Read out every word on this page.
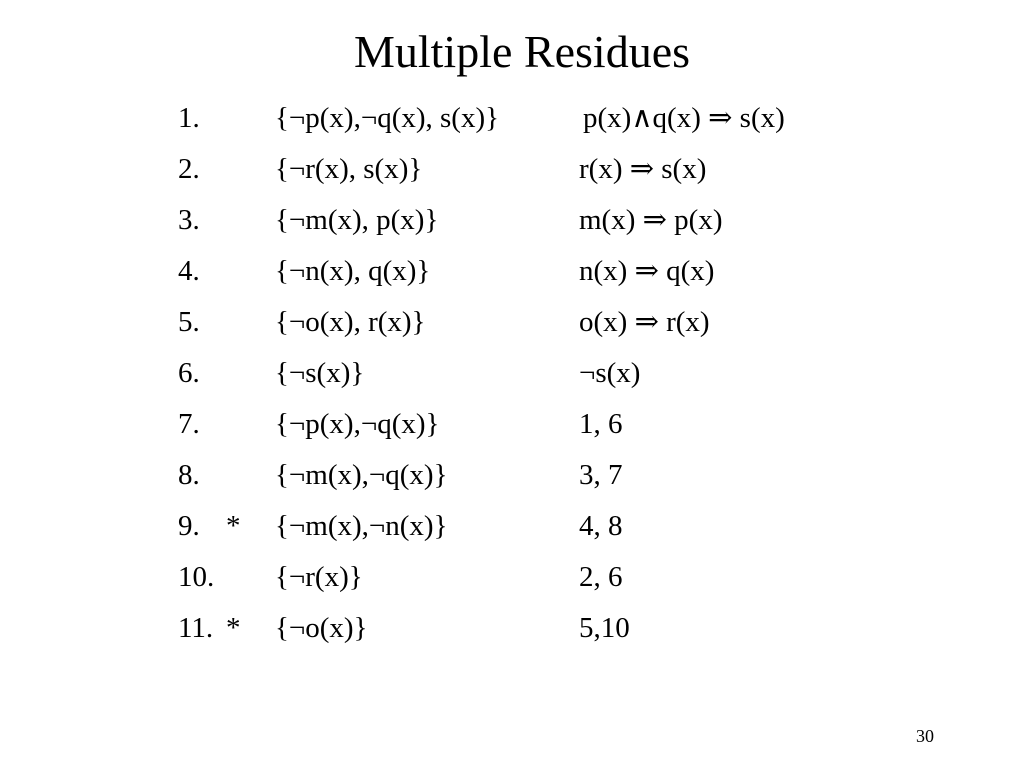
Multiple Residues
1.	{¬p(x),¬q(x), s(x)}	p(x)∧q(x) ⇒ s(x)
2.	{¬r(x), s(x)}	r(x) ⇒ s(x)
3.	{¬m(x), p(x)}	m(x) ⇒ p(x)
4.	{¬n(x), q(x)}	n(x) ⇒ q(x)
5.	{¬o(x), r(x)}	o(x) ⇒ r(x)
6.	{¬s(x)}	¬s(x)
7.	{¬p(x),¬q(x)}	1, 6
8.	{¬m(x),¬q(x)}	3, 7
9. * {¬m(x),¬n(x)}	4, 8
10. {¬r(x)}	2, 6
11. * {¬o(x)}	5,10
30
